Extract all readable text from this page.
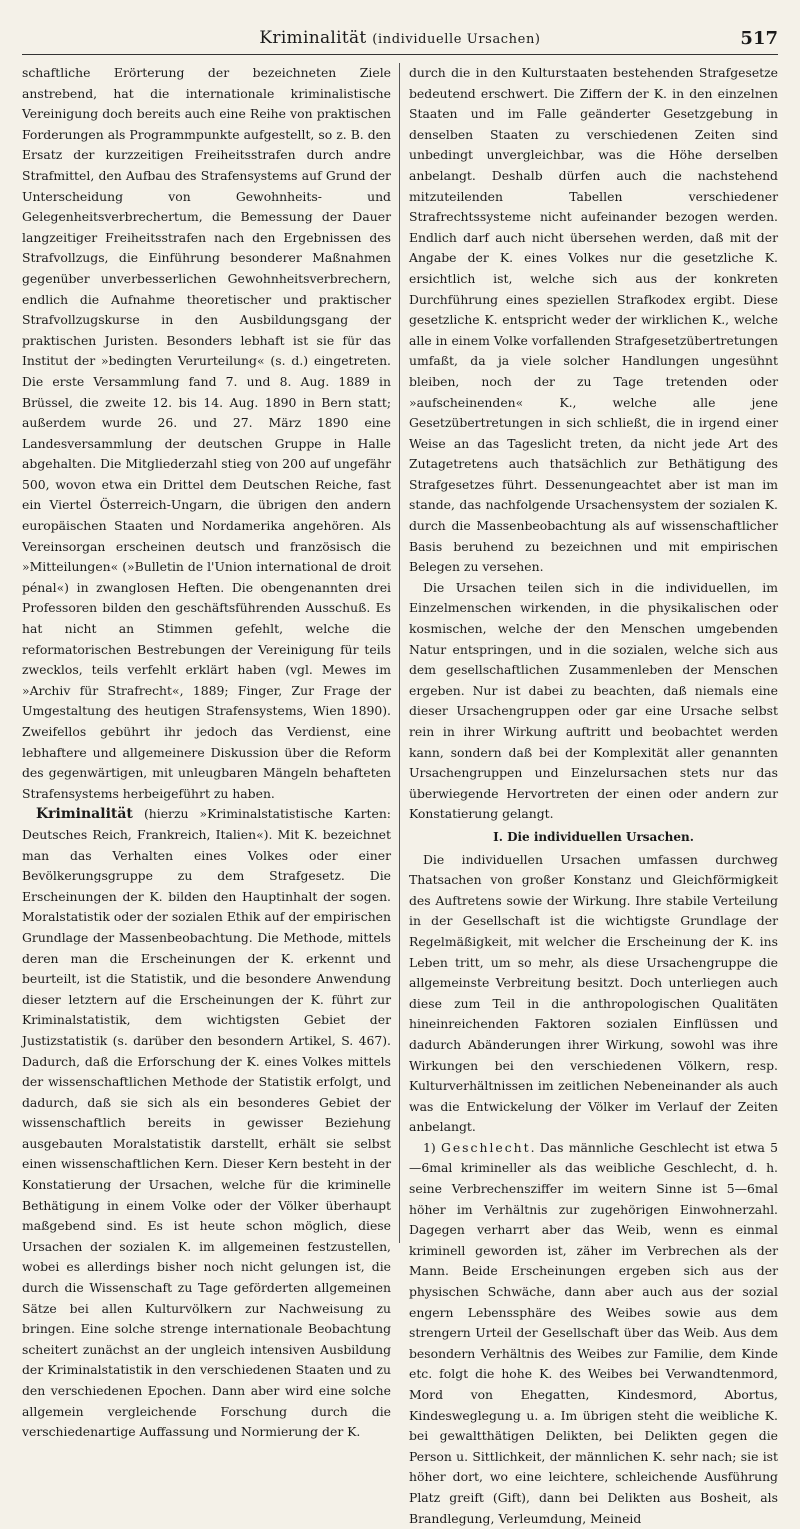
Kriminalität (individuelle Ursachen)	517

schaftliche Erörterung der bezeichneten Ziele anstrebend, hat die internationale kriminalistische Vereinigung doch bereits auch eine Reihe von praktischen Forderungen als Programmpunkte aufgestellt, so z. B. den Ersatz der kurzzeitigen Freiheitsstrafen durch andre Strafmittel, den Aufbau des Strafensystems auf Grund der Unterscheidung von Gewohnheits- und Gelegenheitsverbrechertum, die Bemessung der Dauer langzeitiger Freiheitsstrafen nach den Ergebnissen des Strafvollzugs, die Einführung besonderer Maßnahmen gegenüber unverbesserlichen Gewohnheitsverbrechern, endlich die Aufnahme theoretischer und praktischer Strafvollzugskurse in den Ausbildungsgang der praktischen Juristen. Besonders lebhaft ist sie für das Institut der »bedingten Verurteilung« (s. d.) eingetreten. Die erste Versammlung fand 7. und 8. Aug. 1889 in Brüssel, die zweite 12. bis 14. Aug. 1890 in Bern statt; außerdem wurde 26. und 27. März 1890 eine Landesversammlung der deutschen Gruppe in Halle abgehalten. Die Mitgliederzahl stieg von 200 auf ungefähr 500, wovon etwa ein Drittel dem Deutschen Reiche, fast ein Viertel Österreich-Ungarn, die übrigen den andern europäischen Staaten und Nordamerika angehören. Als Vereinsorgan erscheinen deutsch und französisch die »Mitteilungen« (»Bulletin de l'Union international de droit pénal«) in zwanglosen Heften. Die obengenannten drei Professoren bilden den geschäftsführenden Ausschuß. Es hat nicht an Stimmen gefehlt, welche die reformatorischen Bestrebungen der Vereinigung für teils zwecklos, teils verfehlt erklärt haben (vgl. Mewes im »Archiv für Strafrecht«, 1889; Finger, Zur Frage der Umgestaltung des heutigen Strafensystems, Wien 1890). Zweifellos gebührt ihr jedoch das Verdienst, eine lebhaftere und allgemeinere Diskussion über die Reform des gegenwärtigen, mit unleugbaren Mängeln behafteten Strafensystems herbeigeführt zu haben.

Kriminalität (hierzu »Kriminalstatistische Karten: Deutsches Reich, Frankreich, Italien«). Mit K. bezeichnet man das Verhalten eines Volkes oder einer Bevölkerungsgruppe zu dem Strafgesetz. Die Erscheinungen der K. bilden den Hauptinhalt der sogen. Moralstatistik oder der sozialen Ethik auf der empirischen Grundlage der Massenbeobachtung. Die Methode, mittels deren man die Erscheinungen der K. erkennt und beurteilt, ist die Statistik, und die besondere Anwendung dieser letztern auf die Erscheinungen der K. führt zur Kriminalstatistik, dem wichtigsten Gebiet der Justizstatistik (s. darüber den besondern Artikel, S. 467). Dadurch, daß die Erforschung der K. eines Volkes mittels der wissenschaftlichen Methode der Statistik erfolgt, und dadurch, daß sie sich als ein besonderes Gebiet der wissenschaftlich bereits in gewisser Beziehung ausgebauten Moralstatistik darstellt, erhält sie selbst einen wissenschaftlichen Kern. Dieser Kern besteht in der Konstatierung der Ursachen, welche für die kriminelle Bethätigung in einem Volke oder der Völker überhaupt maßgebend sind. Es ist heute schon möglich, diese Ursachen der sozialen K. im allgemeinen festzustellen, wobei es allerdings bisher noch nicht gelungen ist, die durch die Wissenschaft zu Tage geförderten allgemeinen Sätze bei allen Kulturvölkern zur Nachweisung zu bringen. Eine solche strenge internationale Beobachtung scheitert zunächst an der ungleich intensiven Ausbildung der Kriminalstatistik in den verschiedenen Staaten und zu den verschiedenen Epochen. Dann aber wird eine solche allgemein vergleichende Forschung durch die verschiedenartige Auffassung und Normierung der K.

durch die in den Kulturstaaten bestehenden Strafgesetze bedeutend erschwert. Die Ziffern der K. in den einzelnen Staaten und im Falle geänderter Gesetzgebung in denselben Staaten zu verschiedenen Zeiten sind unbedingt unvergleichbar, was die Höhe derselben anbelangt. Deshalb dürfen auch die nachstehend mitzuteilenden Tabellen verschiedener Strafrechtssysteme nicht aufeinander bezogen werden. Endlich darf auch nicht übersehen werden, daß mit der Angabe der K. eines Volkes nur die gesetzliche K. ersichtlich ist, welche sich aus der konkreten Durchführung eines speziellen Strafkodex ergibt. Diese gesetzliche K. entspricht weder der wirklichen K., welche alle in einem Volke vorfallenden Strafgesetzübertretungen umfaßt, da ja viele solcher Handlungen ungesühnt bleiben, noch der zu Tage tretenden oder »aufscheinenden« K., welche alle jene Gesetzübertretungen in sich schließt, die in irgend einer Weise an das Tageslicht treten, da nicht jede Art des Zutagetretens auch thatsächlich zur Bethätigung des Strafgesetzes führt. Dessenungeachtet aber ist man im stande, das nachfolgende Ursachensystem der sozialen K. durch die Massenbeobachtung als auf wissenschaftlicher Basis beruhend zu bezeichnen und mit empirischen Belegen zu versehen.

Die Ursachen teilen sich in die individuellen, im Einzelmenschen wirkenden, in die physikalischen oder kosmischen, welche der den Menschen umgebenden Natur entspringen, und in die sozialen, welche sich aus dem gesellschaftlichen Zusammenleben der Menschen ergeben. Nur ist dabei zu beachten, daß niemals eine dieser Ursachengruppen oder gar eine Ursache selbst rein in ihrer Wirkung auftritt und beobachtet werden kann, sondern daß bei der Komplexität aller genannten Ursachengruppen und Einzelursachen stets nur das überwiegende Hervortreten der einen oder andern zur Konstatierung gelangt.

I. Die individuellen Ursachen.

Die individuellen Ursachen umfassen durchweg Thatsachen von großer Konstanz und Gleichförmigkeit des Auftretens sowie der Wirkung. Ihre stabile Verteilung in der Gesellschaft ist die wichtigste Grundlage der Regelmäßigkeit, mit welcher die Erscheinung der K. ins Leben tritt, um so mehr, als diese Ursachengruppe die allgemeinste Verbreitung besitzt. Doch unterliegen auch diese zum Teil in die anthropologischen Qualitäten hineinreichenden Faktoren sozialen Einflüssen und dadurch Abänderungen ihrer Wirkung, sowohl was ihre Wirkungen bei den verschiedenen Völkern, resp. Kulturverhältnissen im zeitlichen Nebeneinander als auch was die Entwickelung der Völker im Verlauf der Zeiten anbelangt.

1) Geschlecht. Das männliche Geschlecht ist etwa 5—6mal krimineller als das weibliche Geschlecht, d. h. seine Verbrechensziffer im weitern Sinne ist 5—6mal höher im Verhältnis zur zugehörigen Einwohnerzahl. Dagegen verharrt aber das Weib, wenn es einmal kriminell geworden ist, zäher im Verbrechen als der Mann. Beide Erscheinungen ergeben sich aus der physischen Schwäche, dann aber auch aus der sozial engern Lebenssphäre des Weibes sowie aus dem strengern Urteil der Gesellschaft über das Weib. Aus dem besondern Verhältnis des Weibes zur Familie, dem Kinde etc. folgt die hohe K. des Weibes bei Verwandtenmord, Mord von Ehegatten, Kindesmord, Abortus, Kindesweglegung u. a. Im übrigen steht die weibliche K. bei gewaltthätigen Delikten, bei Delikten gegen die Person u. Sittlichkeit, der männlichen K. sehr nach; sie ist höher dort, wo eine leichtere, schleichende Ausführung Platz greift (Gift), dann bei Delikten aus Bosheit, als Brandlegung, Verleumdung, Meineid
